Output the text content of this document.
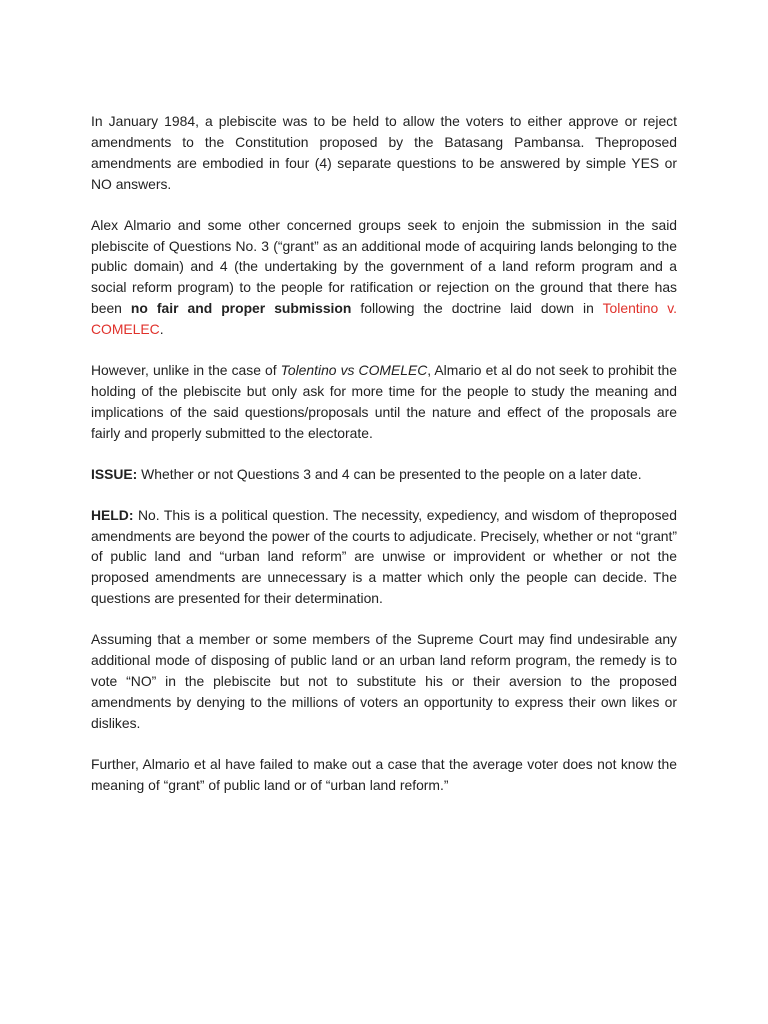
In January 1984, a plebiscite was to be held to allow the voters to either approve or reject amendments to the Constitution proposed by the Batasang Pambansa. Theproposed amendments are embodied in four (4) separate questions to be answered by simple YES or NO answers.

Alex Almario and some other concerned groups seek to enjoin the submission in the said plebiscite of Questions No. 3 (“grant” as an additional mode of acquiring lands belonging to the public domain) and 4 (the undertaking by the government of a land reform program and a social reform program) to the people for ratification or rejection on the ground that there has been no fair and proper submission following the doctrine laid down in Tolentino v. COMELEC.

However, unlike in the case of Tolentino vs COMELEC, Almario et al do not seek to prohibit the holding of the plebiscite but only ask for more time for the people to study the meaning and implications of the said questions/proposals until the nature and effect of the proposals are fairly and properly submitted to the electorate.

ISSUE: Whether or not Questions 3 and 4 can be presented to the people on a later date.

HELD: No. This is a political question. The necessity, expediency, and wisdom of theproposed amendments are beyond the power of the courts to adjudicate. Precisely, whether or not “grant” of public land and “urban land reform” are unwise or improvident or whether or not the proposed amendments are unnecessary is a matter which only the people can decide. The questions are presented for their determination.

Assuming that a member or some members of the Supreme Court may find undesirable any additional mode of disposing of public land or an urban land reform program, the remedy is to vote “NO” in the plebiscite but not to substitute his or their aversion to the proposed amendments by denying to the millions of voters an opportunity to express their own likes or dislikes.

Further, Almario et al have failed to make out a case that the average voter does not know the meaning of “grant” of public land or of “urban land reform.”
